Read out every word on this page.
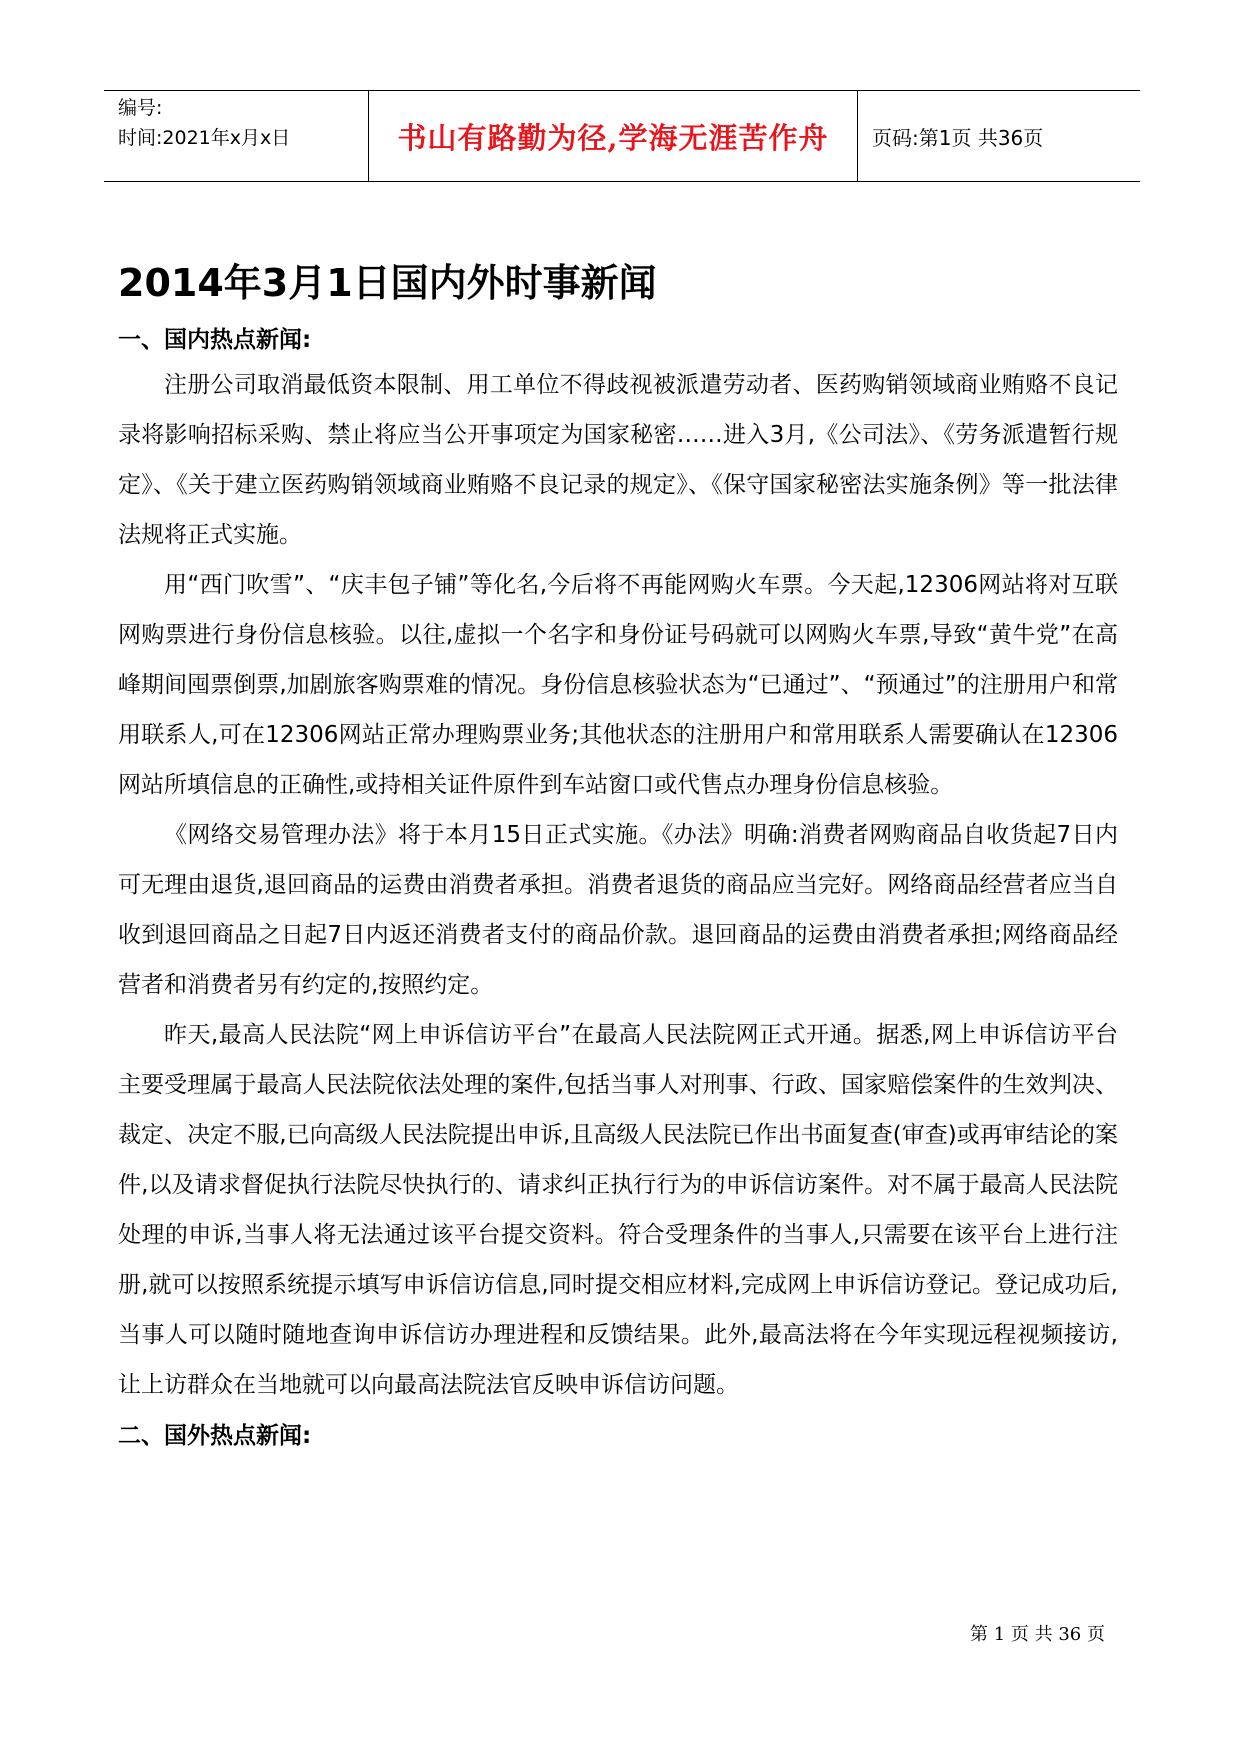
编号:
时间:2021年x月x日	书山有路勤为径,学海无涯苦作舟 页码:第1页 共36页
2014年3月1日国内外时事新闻
一、国内热点新闻:

注册公司取消最低资本限制、用工单位不得歧视被派遣劳动者、医药购销领域商业贿赂不良记录将影响招标采购、禁止将应当公开事项定为国家秘密……进入3月,《公司法》、《劳务派遣暂行规定》、《关于建立医药购销领域商业贿赂不良记录的规定》、《保守国家秘密法实施条例》等一批法律法规将正式实施。

用“西门吹雪”、“庆丰包子铺”等化名,今后将不再能网购火车票。今天起,12306网站将对互联网购票进行身份信息核验。以往,虚拟一个名字和身份证号码就可以网购火车票,导致“黄牛党”在高峰期间囤票倒票,加剧旅客购票难的情况。身份信息核验状态为“已通过”、“预通过”的注册用户和常用联系人,可在12306网站正常办理购票业务;其他状态的注册用户和常用联系人需要确认在12306网站所填信息的正确性,或持相关证件原件到车站窗口或代售点办理身份信息核验。

《网络交易管理办法》将于本月15日正式实施。《办法》明确:消费者网购商品自收货起7日内可无理由退货,退回商品的运费由消费者承担。消费者退货的商品应当完好。网络商品经营者应当自收到退回商品之日起7日内返还消费者支付的商品价款。退回商品的运费由消费者承担;网络商品经营者和消费者另有约定的,按照约定。

昨天,最高人民法院“网上申诉信访平台”在最高人民法院网正式开通。据悉,网上申诉信访平台主要受理属于最高人民法院依法处理的案件,包括当事人对刑事、行政、国家赔偿案件的生效判决、裁定、决定不服,已向高级人民法院提出申诉,且高级人民法院已作出书面复查(审查)或再审结论的案件,以及请求督促执行法院尽快执行的、请求纠正执行行为的申诉信访案件。对不属于最高人民法院处理的申诉,当事人将无法通过该平台提交资料。符合受理条件的当事人,只需要在该平台上进行注册,就可以按照系统提示填写申诉信访信息,同时提交相应材料,完成网上申诉信访登记。登记成功后,当事人可以随时随地查询申诉信访办理进程和反馈结果。此外,最高法将在今年实现远程视频接访,让上访群众在当地就可以向最高法院法官反映申诉信访问题。

二、国外热点新闻:
第 1 页 共 36 页
